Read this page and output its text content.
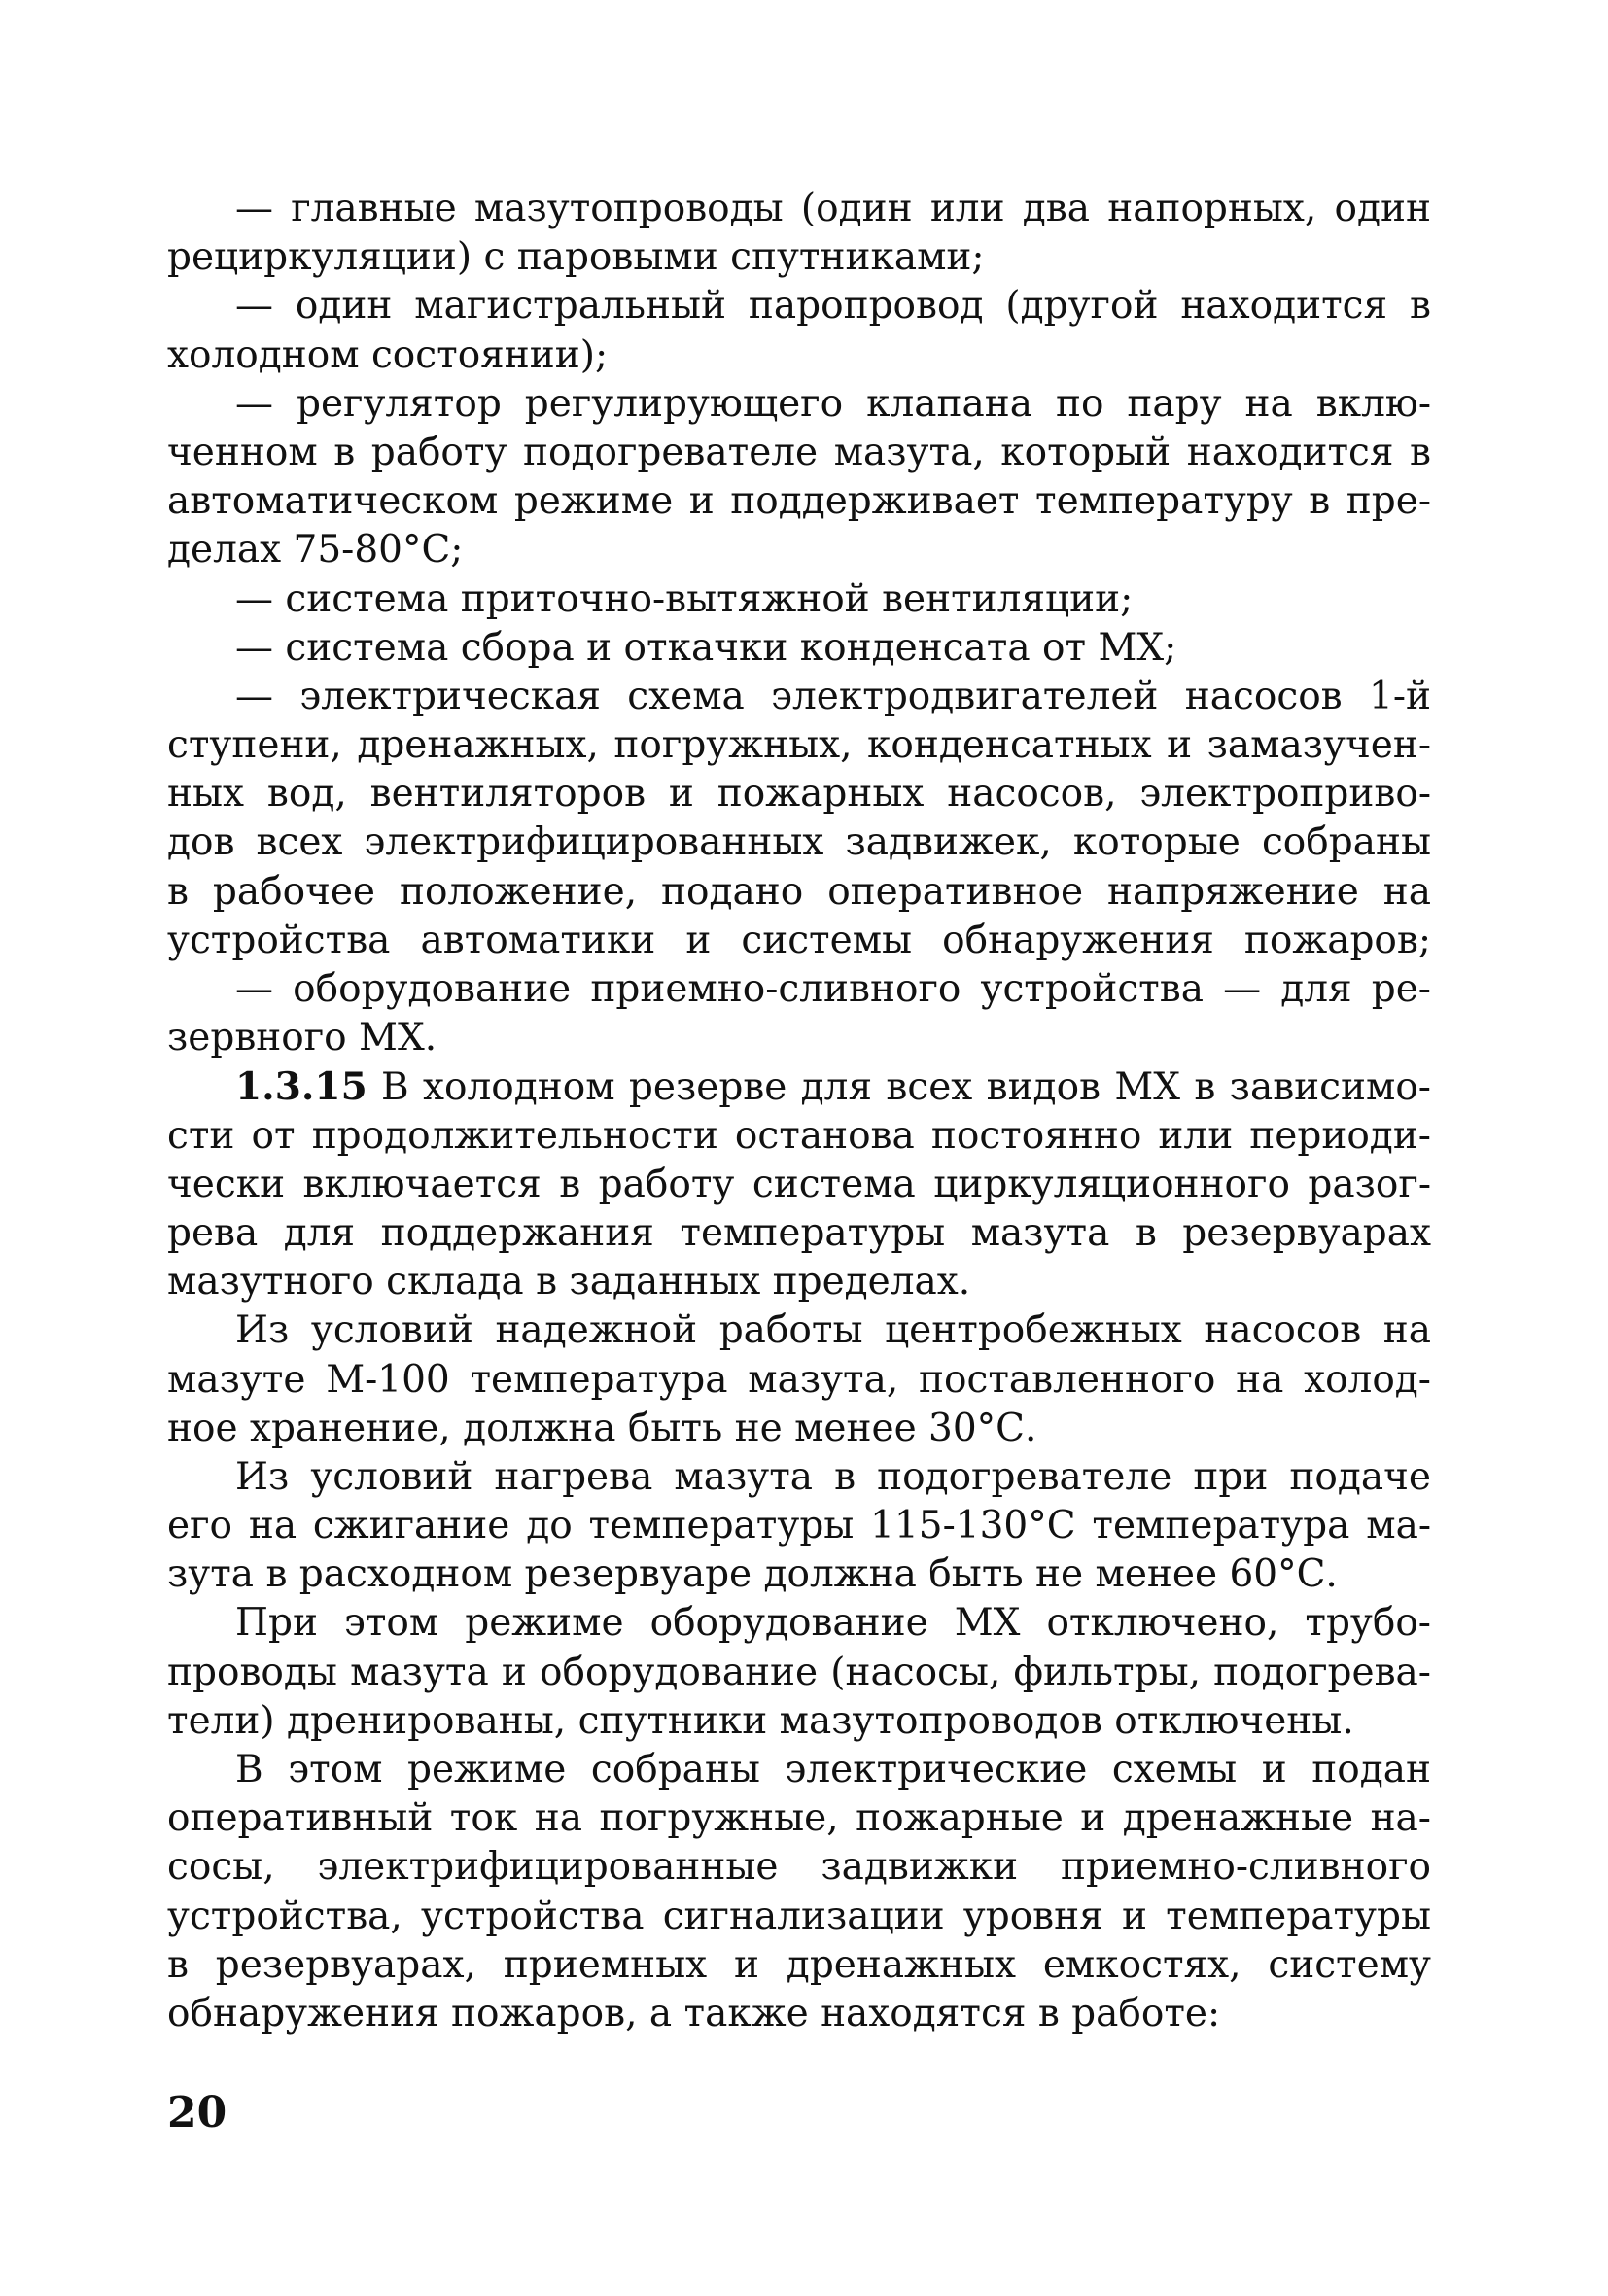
— главные мазутопроводы (один или два напорных, один
рециркуляции) с паровыми спутниками;
— один магистральный паропровод (другой находится в
холодном состоянии);
— регулятор регулирующего клапана по пару на вклю-
ченном в работу подогревателе мазута, который находится в
автоматическом режиме и поддерживает температуру в пре-
делах 75-80°С;
— система приточно-вытяжной вентиляции;
— система сбора и откачки конденсата от МХ;
— электрическая схема электродвигателей насосов 1-й
ступени, дренажных, погружных, конденсатных и замазучен-
ных вод, вентиляторов и пожарных насосов, электроприво-
дов всех электрифицированных задвижек, которые собраны
в рабочее положение, подано оперативное напряжение на
устройства автоматики и системы обнаружения пожаров;
— оборудование приемно-сливного устройства — для ре-
зервного МХ.
1.3.15 В холодном резерве для всех видов МХ в зависимо-
сти от продолжительности останова постоянно или периоди-
чески включается в работу система циркуляционного разог-
рева для поддержания температуры мазута в резервуарах
мазутного склада в заданных пределах.
Из условий надежной работы центробежных насосов на
мазуте М-100 температура мазута, поставленного на холод-
ное хранение, должна быть не менее 30°С.
Из условий нагрева мазута в подогревателе при подаче
его на сжигание до температуры 115-130°С температура ма-
зута в расходном резервуаре должна быть не менее 60°С.
При этом режиме оборудование МХ отключено, трубо-
проводы мазута и оборудование (насосы, фильтры, подогрева-
тели) дренированы, спутники мазутопроводов отключены.
В этом режиме собраны электрические схемы и подан
оперативный ток на погружные, пожарные и дренажные на-
сосы, электрифицированные задвижки приемно-сливного
устройства, устройства сигнализации уровня и температуры
в резервуарах, приемных и дренажных емкостях, систему
обнаружения пожаров, а также находятся в работе:
20
